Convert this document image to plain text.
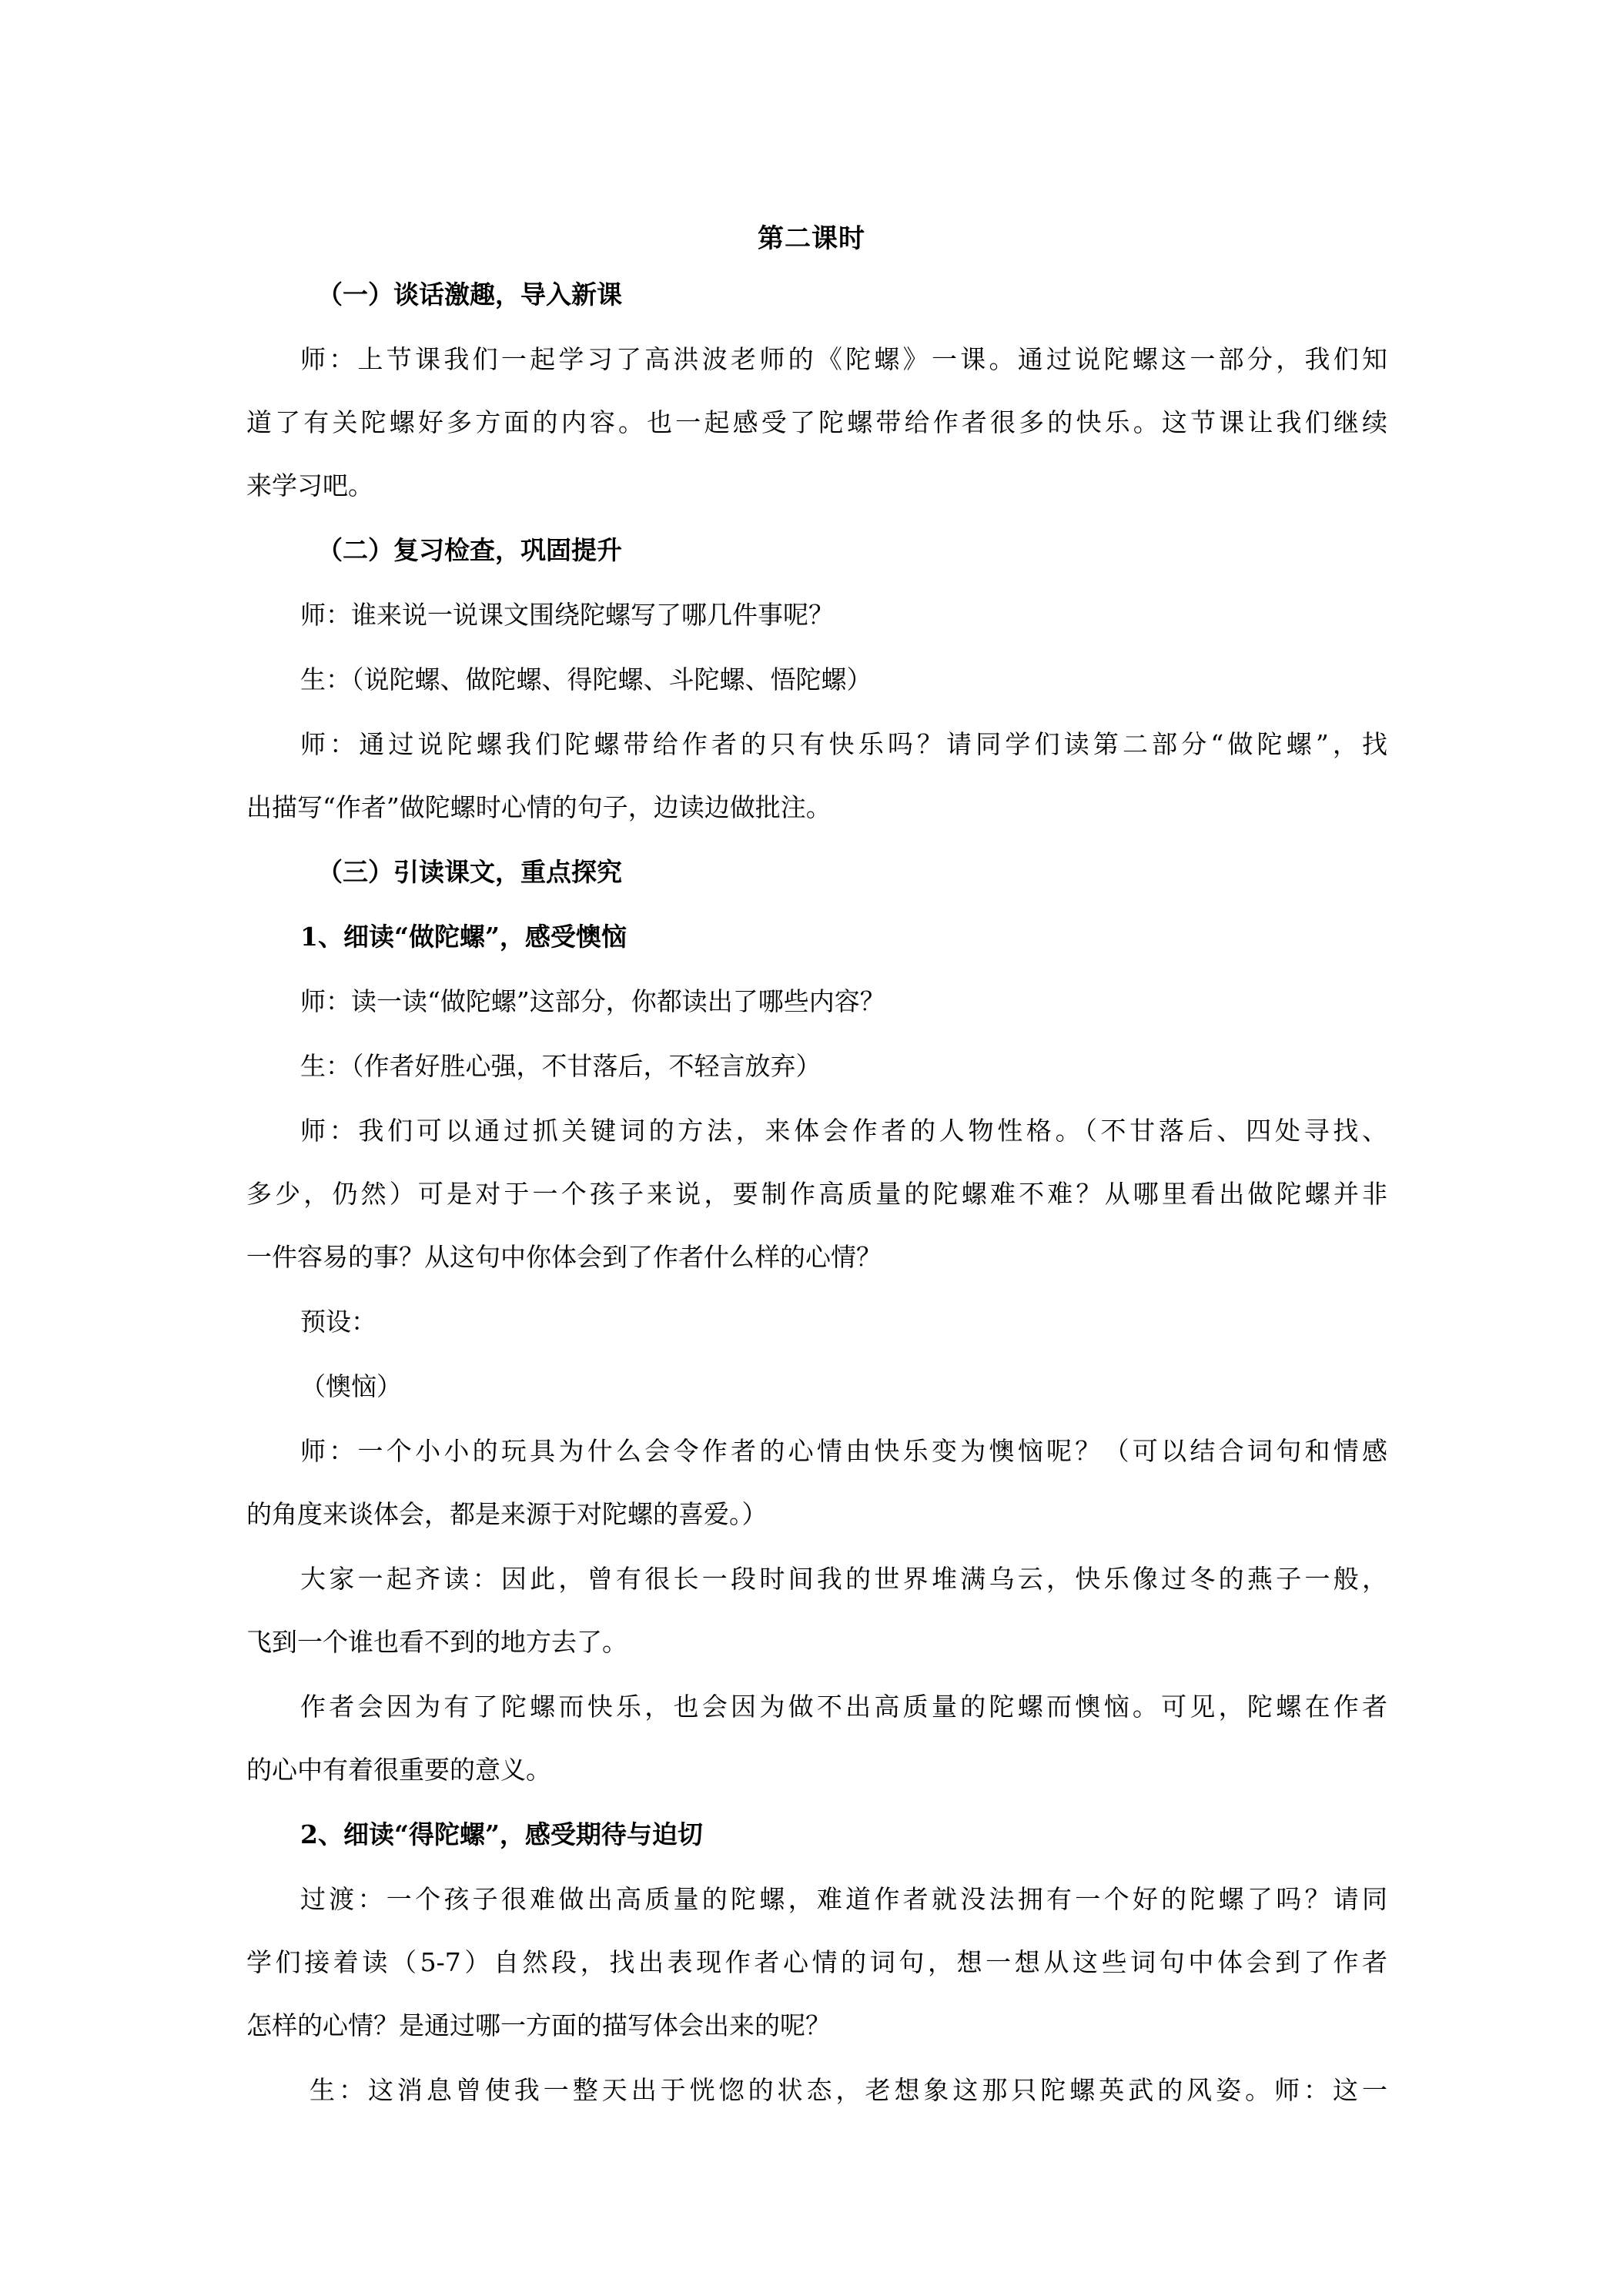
第二课时
（一）谈话激趣，导入新课
师：上节课我们一起学习了高洪波老师的《陀螺》一课。通过说陀螺这一部分，我们知
道了有关陀螺好多方面的内容。也一起感受了陀螺带给作者很多的快乐。这节课让我们继续
来学习吧。
（二）复习检查，巩固提升
师：谁来说一说课文围绕陀螺写了哪几件事呢？
生：（说陀螺、做陀螺、得陀螺、斗陀螺、悟陀螺）
师：通过说陀螺我们陀螺带给作者的只有快乐吗？请同学们读第二部分“做陀螺”，找
出描写“作者”做陀螺时心情的句子，边读边做批注。
（三）引读课文，重点探究
1、细读“做陀螺”，感受懊恼
师：读一读“做陀螺”这部分，你都读出了哪些内容？
生：（作者好胜心强，不甘落后，不轻言放弃）
师：我们可以通过抓关键词的方法，来体会作者的人物性格。（不甘落后、四处寻找、
多少，仍然）可是对于一个孩子来说，要制作高质量的陀螺难不难？从哪里看出做陀螺并非
一件容易的事？从这句中你体会到了作者什么样的心情？
预设：
（懊恼）
师：一个小小的玩具为什么会令作者的心情由快乐变为懊恼呢？（可以结合词句和情感
的角度来谈体会，都是来源于对陀螺的喜爱。）
大家一起齐读：因此，曾有很长一段时间我的世界堆满乌云，快乐像过冬的燕子一般，
飞到一个谁也看不到的地方去了。
作者会因为有了陀螺而快乐，也会因为做不出高质量的陀螺而懊恼。可见，陀螺在作者
的心中有着很重要的意义。
2、细读“得陀螺”，感受期待与迫切
过渡：一个孩子很难做出高质量的陀螺，难道作者就没法拥有一个好的陀螺了吗？请同
学们接着读（5-7）自然段，找出表现作者心情的词句，想一想从这些词句中体会到了作者
怎样的心情？是通过哪一方面的描写体会出来的呢？
生：这消息曾使我一整天出于恍惚的状态，老想象这那只陀螺英武的风姿。师：这一
